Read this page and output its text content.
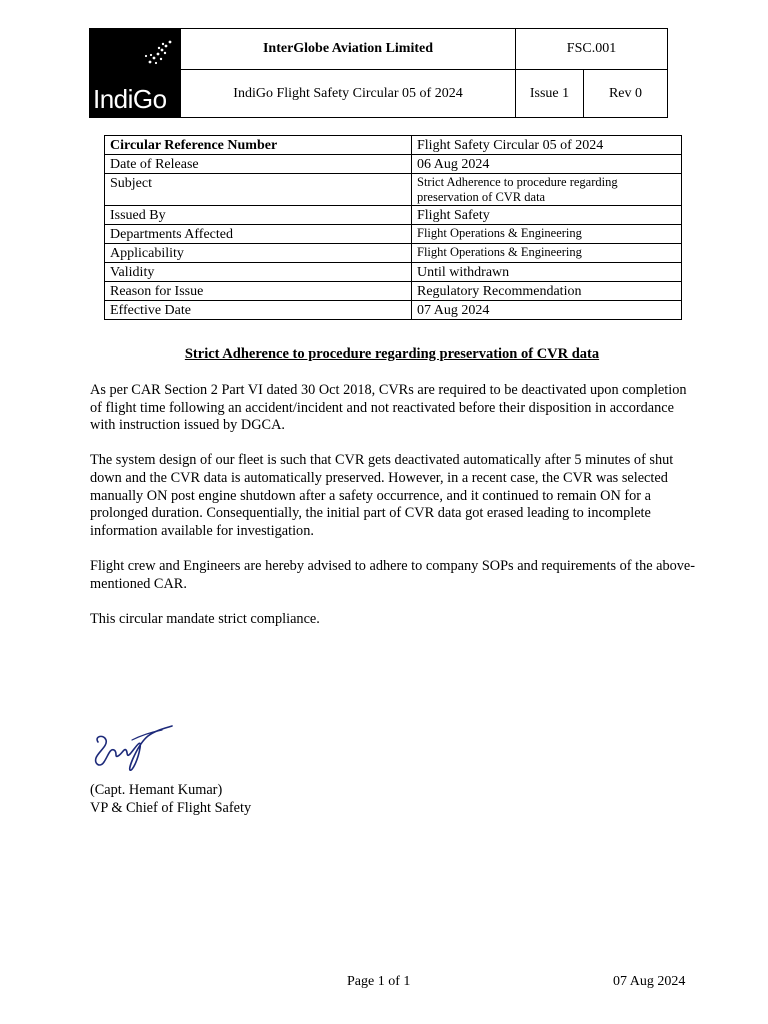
IndiGo	InterGlobe Aviation Limited	FSC.001	
	IndiGo Flight Safety Circular 05 of 2024	Issue 1	Rev 0
Circular Reference Number	Flight Safety Circular 05 of 2024
Date of Release	06 Aug 2024
Subject	Strict Adherence to procedure regarding preservation of CVR data
Issued By	Flight Safety
Departments Affected	Flight Operations & Engineering
Applicability	Flight Operations & Engineering
Validity	Until withdrawn
Reason for Issue	Regulatory Recommendation
Effective Date	07 Aug 2024
Strict Adherence to procedure regarding preservation of CVR data

As per CAR Section 2 Part VI dated 30 Oct 2018, CVRs are required to be deactivated upon completion of flight time following an accident/incident and not reactivated before their disposition in accordance with instruction issued by DGCA.

The system design of our fleet is such that CVR gets deactivated automatically after 5 minutes of shut down and the CVR data is automatically preserved. However, in a recent case, the CVR was selected manually ON post engine shutdown after a safety occurrence, and it continued to remain ON for a prolonged duration. Consequentially, the initial part of CVR data got erased leading to incomplete information available for investigation.

Flight crew and Engineers are hereby advised to adhere to company SOPs and requirements of the above-mentioned CAR.

This circular mandate strict compliance.

(Capt. Hemant Kumar)
VP & Chief of Flight Safety
Page 1 of 1	07 Aug 2024
